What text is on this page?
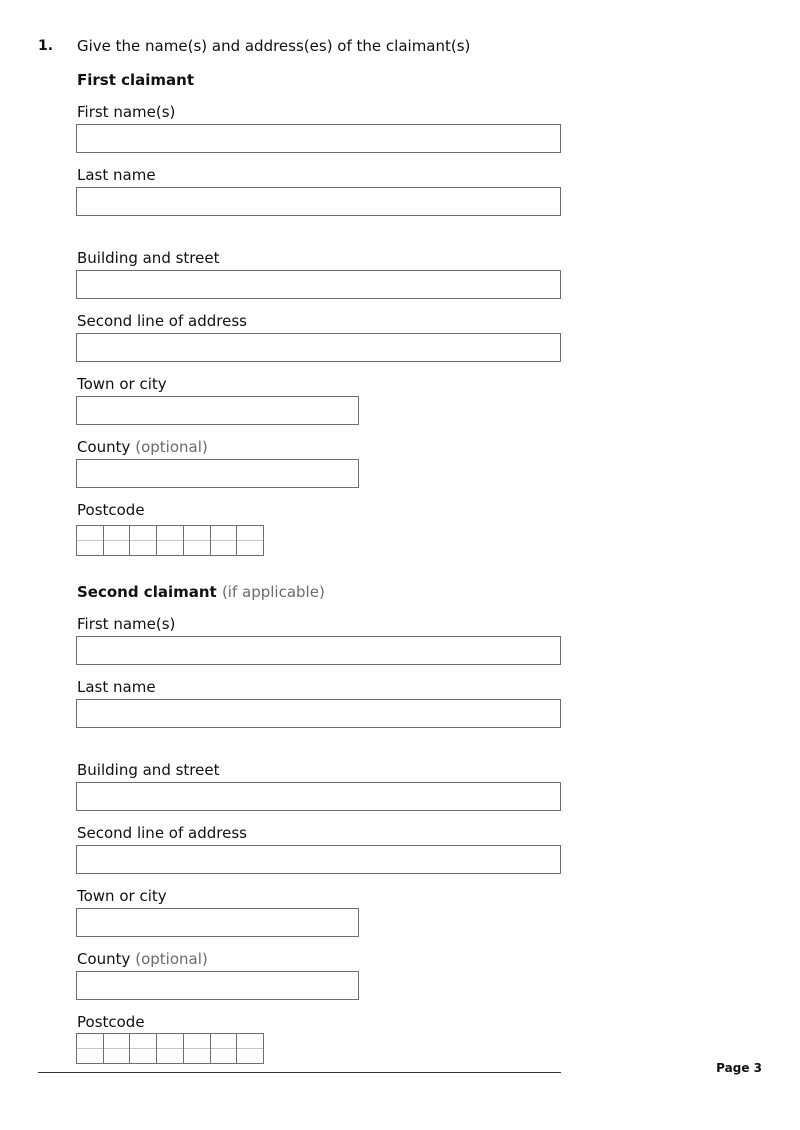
1. Give the name(s) and address(es) of the claimant(s)
First claimant
First name(s)
Last name
Building and street
Second line of address
Town or city
County (optional)
Postcode
Second claimant (if applicable)
First name(s)
Last name
Building and street
Second line of address
Town or city
County (optional)
Postcode
Page 3
